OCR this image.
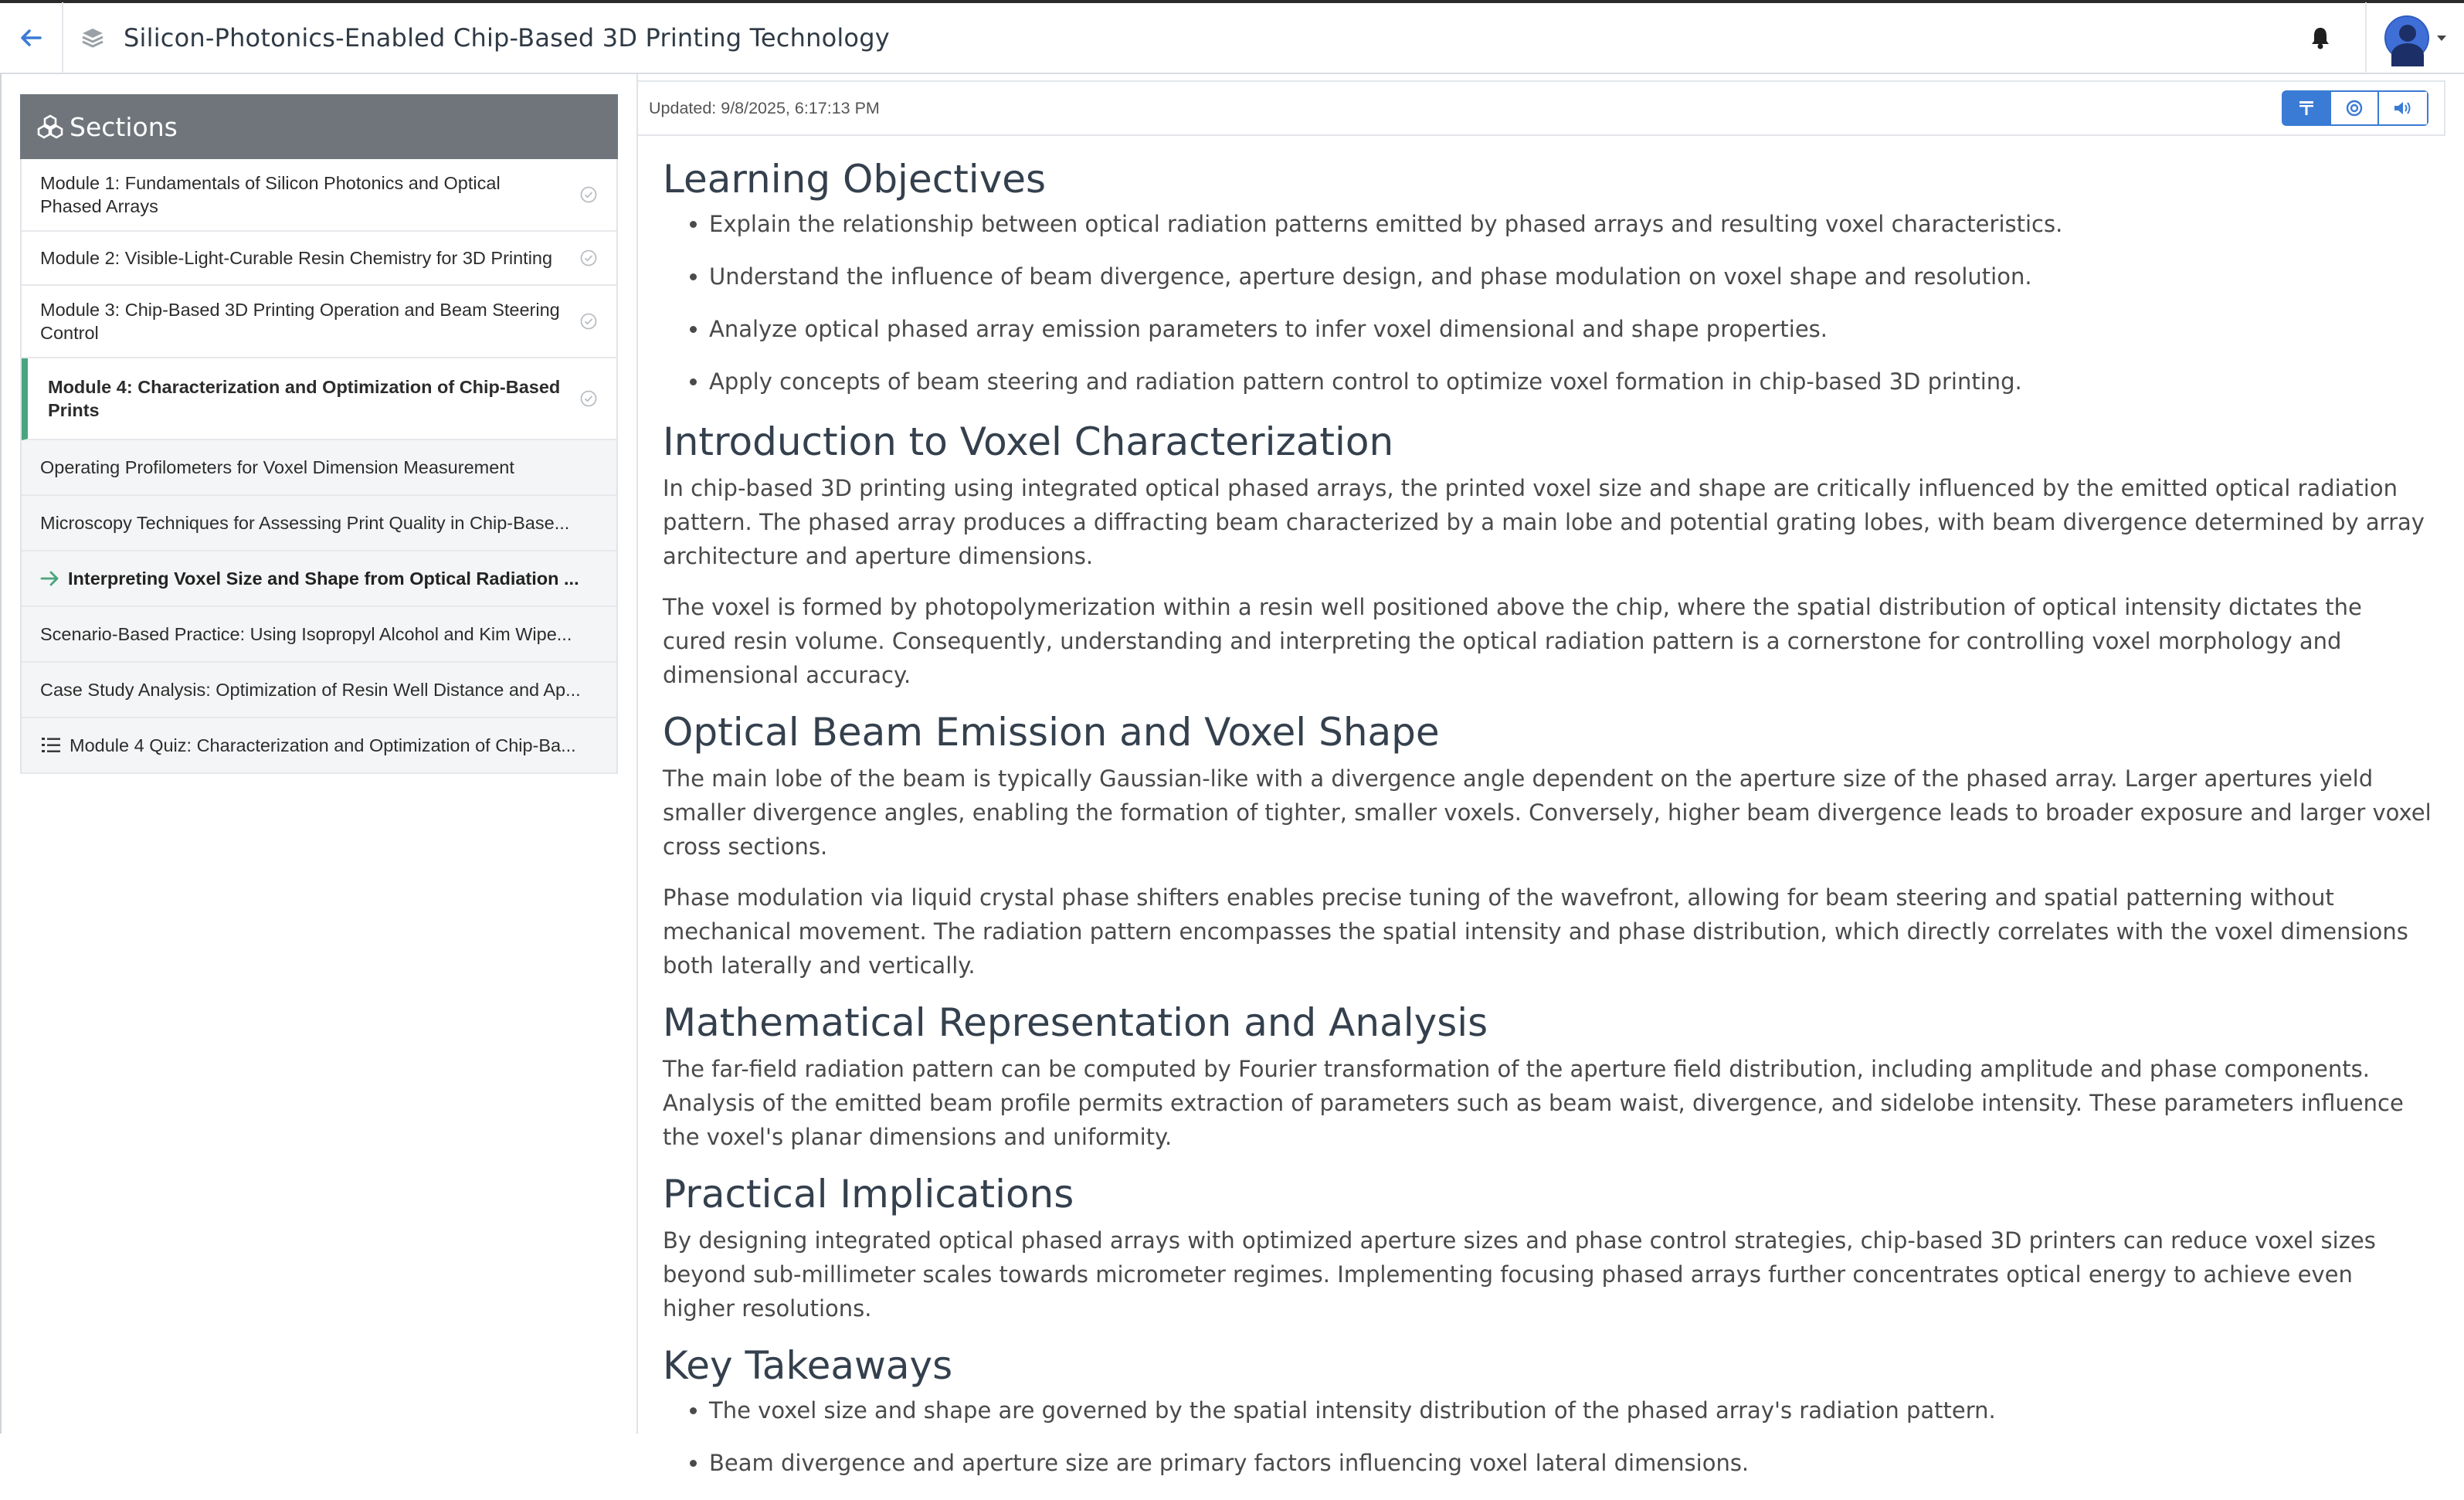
Silicon-Photonics-Enabled Chip-Based 3D Printing Technology
Sections
Module 1: Fundamentals of Silicon Photonics and Optical Phased Arrays
Module 2: Visible-Light-Curable Resin Chemistry for 3D Printing
Module 3: Chip-Based 3D Printing Operation and Beam Steering Control
Module 4: Characterization and Optimization of Chip-Based Prints
Operating Profilometers for Voxel Dimension Measurement
Microscopy Techniques for Assessing Print Quality in Chip-Base...
Interpreting Voxel Size and Shape from Optical Radiation ...
Scenario-Based Practice: Using Isopropyl Alcohol and Kim Wipe...
Case Study Analysis: Optimization of Resin Well Distance and Ap...
Module 4 Quiz: Characterization and Optimization of Chip-Ba...
Updated: 9/8/2025, 6:17:13 PM
Learning Objectives
• Explain the relationship between optical radiation patterns emitted by phased arrays and resulting voxel characteristics.
• Understand the influence of beam divergence, aperture design, and phase modulation on voxel shape and resolution.
• Analyze optical phased array emission parameters to infer voxel dimensional and shape properties.
• Apply concepts of beam steering and radiation pattern control to optimize voxel formation in chip-based 3D printing.
Introduction to Voxel Characterization

In chip-based 3D printing using integrated optical phased arrays, the printed voxel size and shape are critically influenced by the emitted optical radiation pattern. The phased array produces a diffracting beam characterized by a main lobe and potential grating lobes, with beam divergence determined by array architecture and aperture dimensions.

The voxel is formed by photopolymerization within a resin well positioned above the chip, where the spatial distribution of optical intensity dictates the cured resin volume. Consequently, understanding and interpreting the optical radiation pattern is a cornerstone for controlling voxel morphology and dimensional accuracy.

Optical Beam Emission and Voxel Shape

The main lobe of the beam is typically Gaussian-like with a divergence angle dependent on the aperture size of the phased array. Larger apertures yield smaller divergence angles, enabling the formation of tighter, smaller voxels. Conversely, higher beam divergence leads to broader exposure and larger voxel cross sections.

Phase modulation via liquid crystal phase shifters enables precise tuning of the wavefront, allowing for beam steering and spatial patterning without mechanical movement. The radiation pattern encompasses the spatial intensity and phase distribution, which directly correlates with the voxel dimensions both laterally and vertically.

Mathematical Representation and Analysis

The far-field radiation pattern can be computed by Fourier transformation of the aperture field distribution, including amplitude and phase components. Analysis of the emitted beam profile permits extraction of parameters such as beam waist, divergence, and sidelobe intensity. These parameters influence the voxel's planar dimensions and uniformity.

Practical Implications

By designing integrated optical phased arrays with optimized aperture sizes and phase control strategies, chip-based 3D printers can reduce voxel sizes beyond sub-millimeter scales towards micrometer regimes. Implementing focusing phased arrays further concentrates optical energy to achieve even higher resolutions.

Key Takeaways
• The voxel size and shape are governed by the spatial intensity distribution of the phased array's radiation pattern.
• Beam divergence and aperture size are primary factors influencing voxel lateral dimensions.
